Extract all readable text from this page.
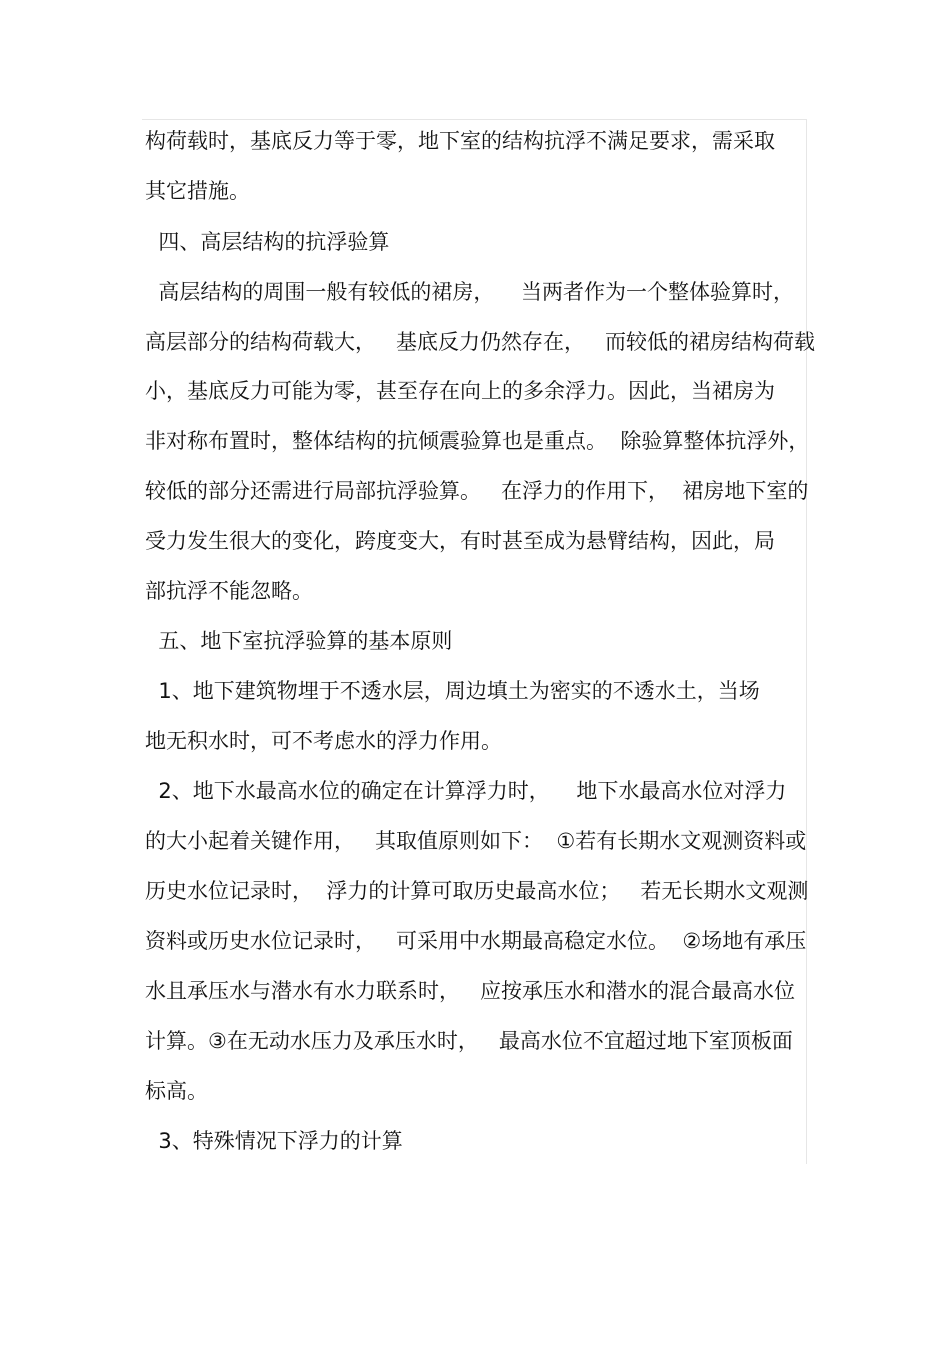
构荷载时，基底反力等于零，地下室的结构抗浮不满足要求，需采取
其它措施。
四、高层结构的抗浮验算
高层结构的周围一般有较低的裙房，    当两者作为一个整体验算时，
高层部分的结构荷载大，   基底反力仍然存在，   而较低的裙房结构荷载
小，基底反力可能为零，甚至存在向上的多余浮力。因此，当裙房为
非对称布置时，整体结构的抗倾震验算也是重点。  除验算整体抗浮外，
较低的部分还需进行局部抗浮验算。   在浮力的作用下，  裙房地下室的
受力发生很大的变化，跨度变大，有时甚至成为悬臂结构，因此，局
部抗浮不能忽略。
五、地下室抗浮验算的基本原则
1、地下建筑物埋于不透水层，周边填土为密实的不透水土，当场
地无积水时，可不考虑水的浮力作用。
2、地下水最高水位的确定在计算浮力时，    地下水最高水位对浮力
的大小起着关键作用，   其取值原则如下：  ①若有长期水文观测资料或
历史水位记录时，  浮力的计算可取历史最高水位；   若无长期水文观测
资料或历史水位记录时，   可采用中水期最高稳定水位。  ②场地有承压
水且承压水与潜水有水力联系时，   应按承压水和潜水的混合最高水位
计算。③在无动水压力及承压水时，   最高水位不宜超过地下室顶板面
标高。
3、特殊情况下浮力的计算
